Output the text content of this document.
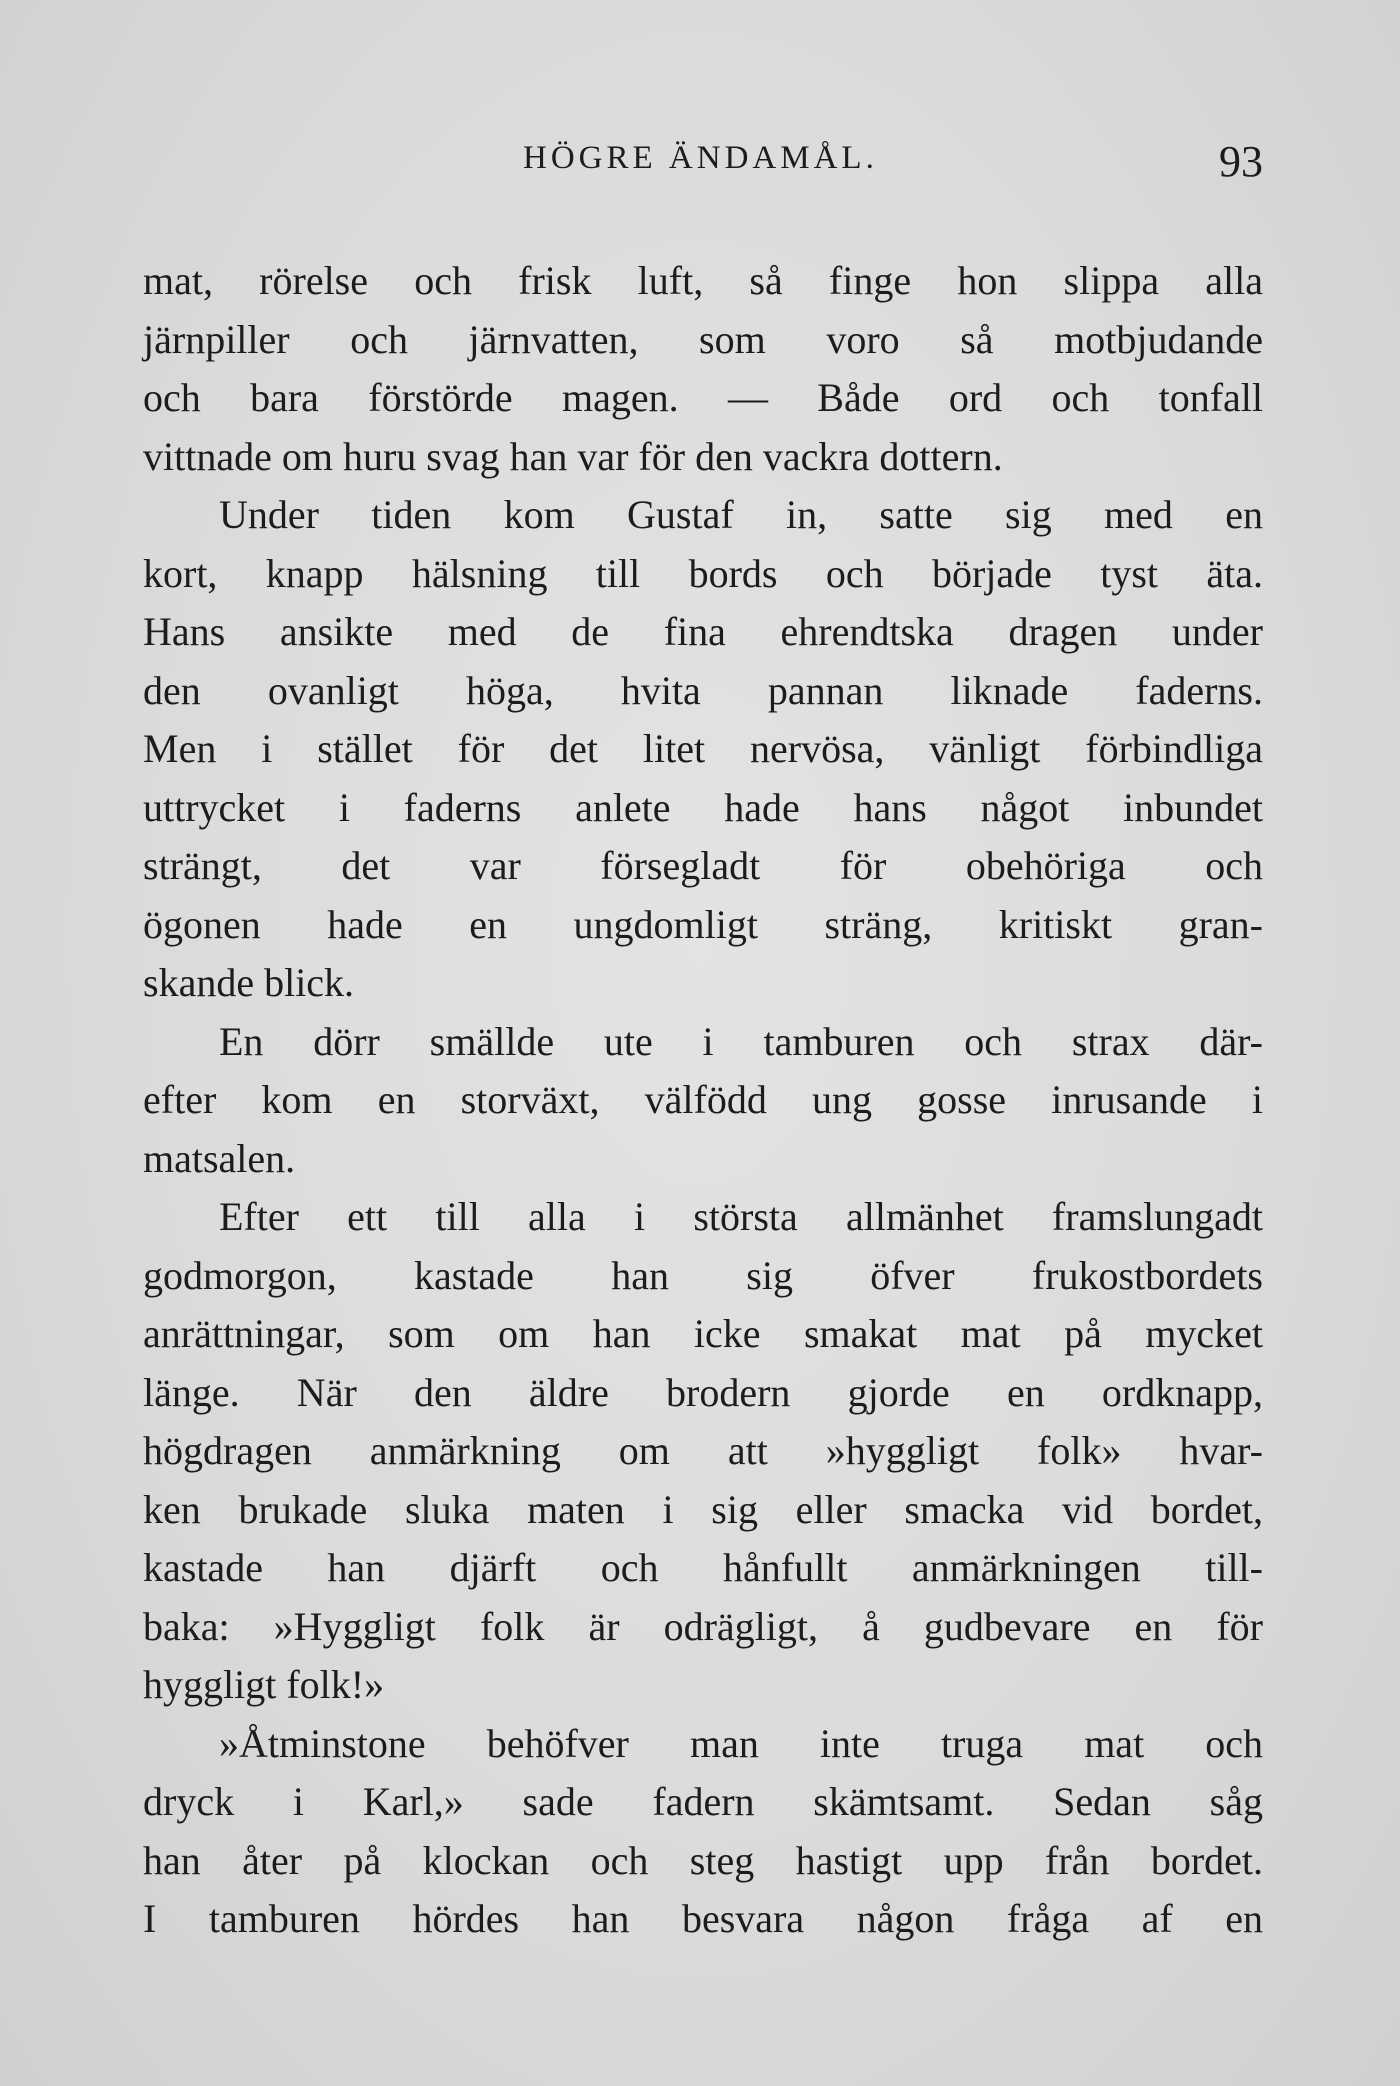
HÖGRE ÄNDAMÅL.	93
mat, rörelse och frisk luft, så finge hon slippa alla
järnpiller och järnvatten, som voro så motbjudande
och bara förstörde magen. — Både ord och tonfall
vittnade om huru svag han var för den vackra dottern.
Under tiden kom Gustaf in, satte sig med en
kort, knapp hälsning till bords och började tyst äta.
Hans ansikte med de fina ehrendtska dragen under
den ovanligt höga, hvita pannan liknade faderns.
Men i stället för det litet nervösa, vänligt förbindliga
uttrycket i faderns anlete hade hans något inbundet
strängt, det var försegladt för obehöriga och
ögonen hade en ungdomligt sträng, kritiskt gran-
skande blick.
En dörr smällde ute i tamburen och strax där-
efter kom en storväxt, välfödd ung gosse inrusande i
matsalen.
Efter ett till alla i största allmänhet framslungadt
godmorgon, kastade han sig öfver frukostbordets
anrättningar, som om han icke smakat mat på mycket
länge. När den äldre brodern gjorde en ordknapp,
högdragen anmärkning om att »hyggligt folk» hvar-
ken brukade sluka maten i sig eller smacka vid bordet,
kastade han djärft och hånfullt anmärkningen till-
baka: »Hyggligt folk är odrägligt, å gudbevare en för
hyggligt folk!»
»Åtminstone behöfver man inte truga mat och
dryck i Karl,» sade fadern skämtsamt. Sedan såg
han åter på klockan och steg hastigt upp från bordet.
I tamburen hördes han besvara någon fråga af en
